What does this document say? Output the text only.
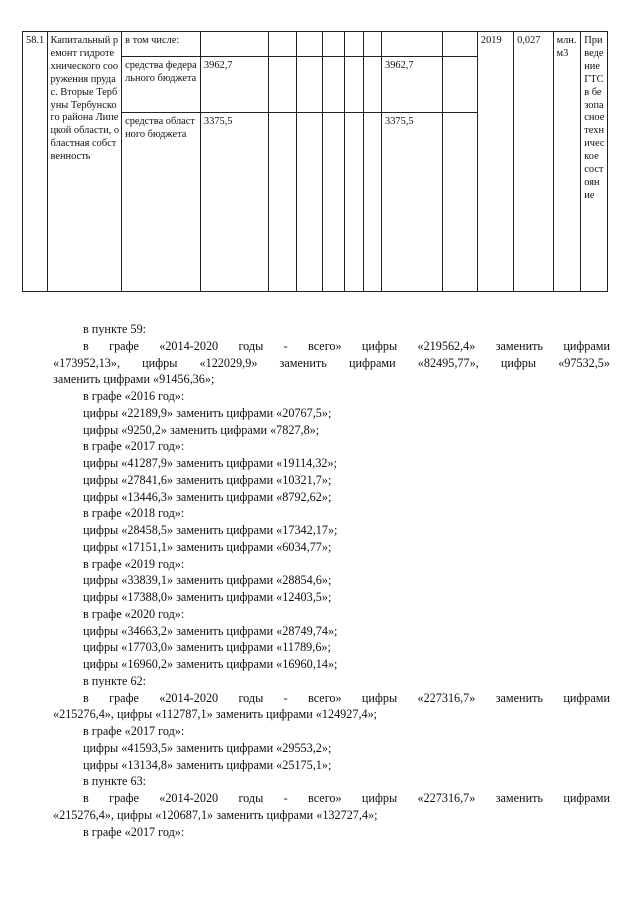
58.1	Капитальный ремонт гидротехнического сооружения пруда с. Вторые Тербуны Тербунского района Липецкой области, областная собственность	в том числе:									2019	0,027	млн. м3	Приведение ГТС в безопасное техническое состояние
		средства федерального бюджета	3962,7						3962,7					
		средства областного бюджета	3375,5						3375,5					
в пункте 59:
в графе «2014-2020 годы - всего» цифры «219562,4» заменить цифрами
«173952,13», цифры «122029,9» заменить цифрами «82495,77», цифры «97532,5»
заменить цифрами «91456,36»;
в графе «2016 год»:
цифры «22189,9» заменить цифрами «20767,5»;
цифры «9250,2» заменить цифрами «7827,8»;
в графе «2017 год»:
цифры «41287,9» заменить цифрами «19114,32»;
цифры «27841,6» заменить цифрами «10321,7»;
цифры «13446,3» заменить цифрами «8792,62»;
в графе «2018 год»:
цифры «28458,5» заменить цифрами «17342,17»;
цифры «17151,1» заменить цифрами «6034,77»;
в графе «2019 год»:
цифры «33839,1» заменить цифрами «28854,6»;
цифры «17388,0» заменить цифрами «12403,5»;
в графе «2020 год»:
цифры «34663,2» заменить цифрами «28749,74»;
цифры «17703,0» заменить цифрами «11789,6»;
цифры «16960,2» заменить цифрами «16960,14»;
в пункте 62:
в графе «2014-2020 годы - всего» цифры «227316,7» заменить цифрами
«215276,4», цифры «112787,1» заменить цифрами «124927,4»;
в графе «2017 год»:
цифры «41593,5» заменить цифрами «29553,2»;
цифры «13134,8» заменить цифрами «25175,1»;
в пункте 63:
в графе «2014-2020 годы - всего» цифры «227316,7» заменить цифрами
«215276,4», цифры «120687,1» заменить цифрами «132727,4»;
в графе «2017 год»:
